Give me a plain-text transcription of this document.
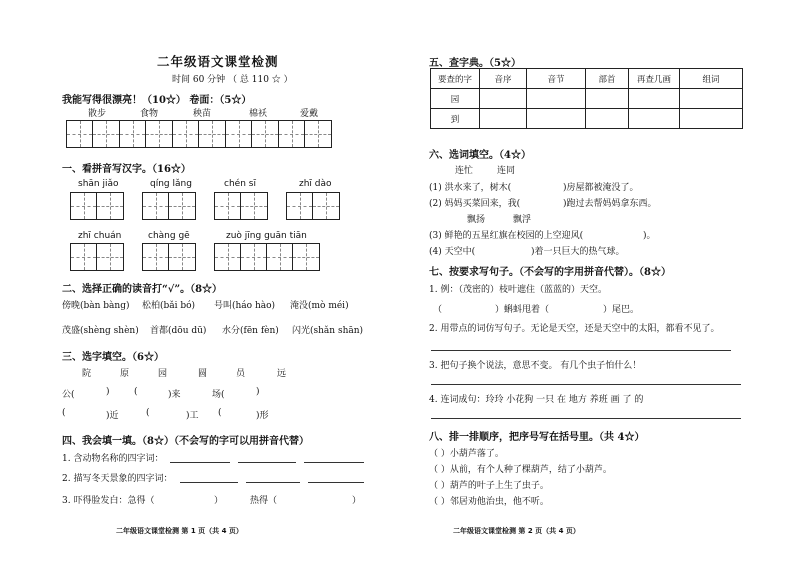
二年级语文课堂检测
时间 60 分钟 （ 总 110 ☆ ）
我能写得很漂亮！（10☆） 卷面：（5☆）
散步	食物	秧苗	棉袄	爱戴
一、看拼音写汉字。（16☆）
shān jiǎo	qíng lǎng	chén sī	zhī dào
zhī chuán	chàng gē	zuò jīng guān tiān
二、选择正确的读音打“√”。（8☆）
傍晚(bàn bàng) 松柏(bǎi bó) 号叫(háo hào) 淹没(mò méi)
茂盛(shèng shèn) 首都(dōu dū) 水分(fēn fèn) 闪光(shǎn shān)
三、选字填空。（6☆）
院	原	园	圆	员	远
公(	)	(	)来	场(	)
(	)近	(	)工 (	)形
四、我会填一填。（8☆）（不会写的字可以用拼音代替）
1. 含动物名称的四字词：
2. 描写冬天景象的四字词：
3. 吓得脸发白：急得（	）	热得（	）
二年级语文课堂检测 第 1 页（共 4 页）
五、查字典。（5☆）
要查的字	音序	音节	部首	再查几画	组词
园					
到					
六、选词填空。（4☆）
连忙	连同
(1) 洪水来了，树木(	)房屋都被淹没了。
(2) 妈妈买菜回来，我(	)跑过去帮妈妈拿东西。
飘扬	飘浮
(3) 鲜艳的五星红旗在校园的上空迎风(	)。
(4) 天空中(	)着一只巨大的热气球。
七、按要求写句子。（不会写的字用拼音代替）。（8☆）
1. 例：（茂密的）枝叶遮住（蓝蓝的）天空。
（	）蝌蚪甩着（	）尾巴。
2. 用带点的词仿写句子。无论是天空，还是天空中的太阳，都看不见了。
3. 把句子换个说法，意思不变。 有几个虫子怕什么！
4. 连词成句：玲玲 小花狗 一只 在 地方 养班 画 了 的
八、排一排顺序，把序号写在括号里。（共 4☆）
（ ）小葫芦落了。
（ ）从前，有个人种了棵葫芦，结了小葫芦。
（ ）葫芦的叶子上生了虫子。
（ ）邻居劝他治虫，他不听。
二年级语文课堂检测 第 2 页（共 4 页）
